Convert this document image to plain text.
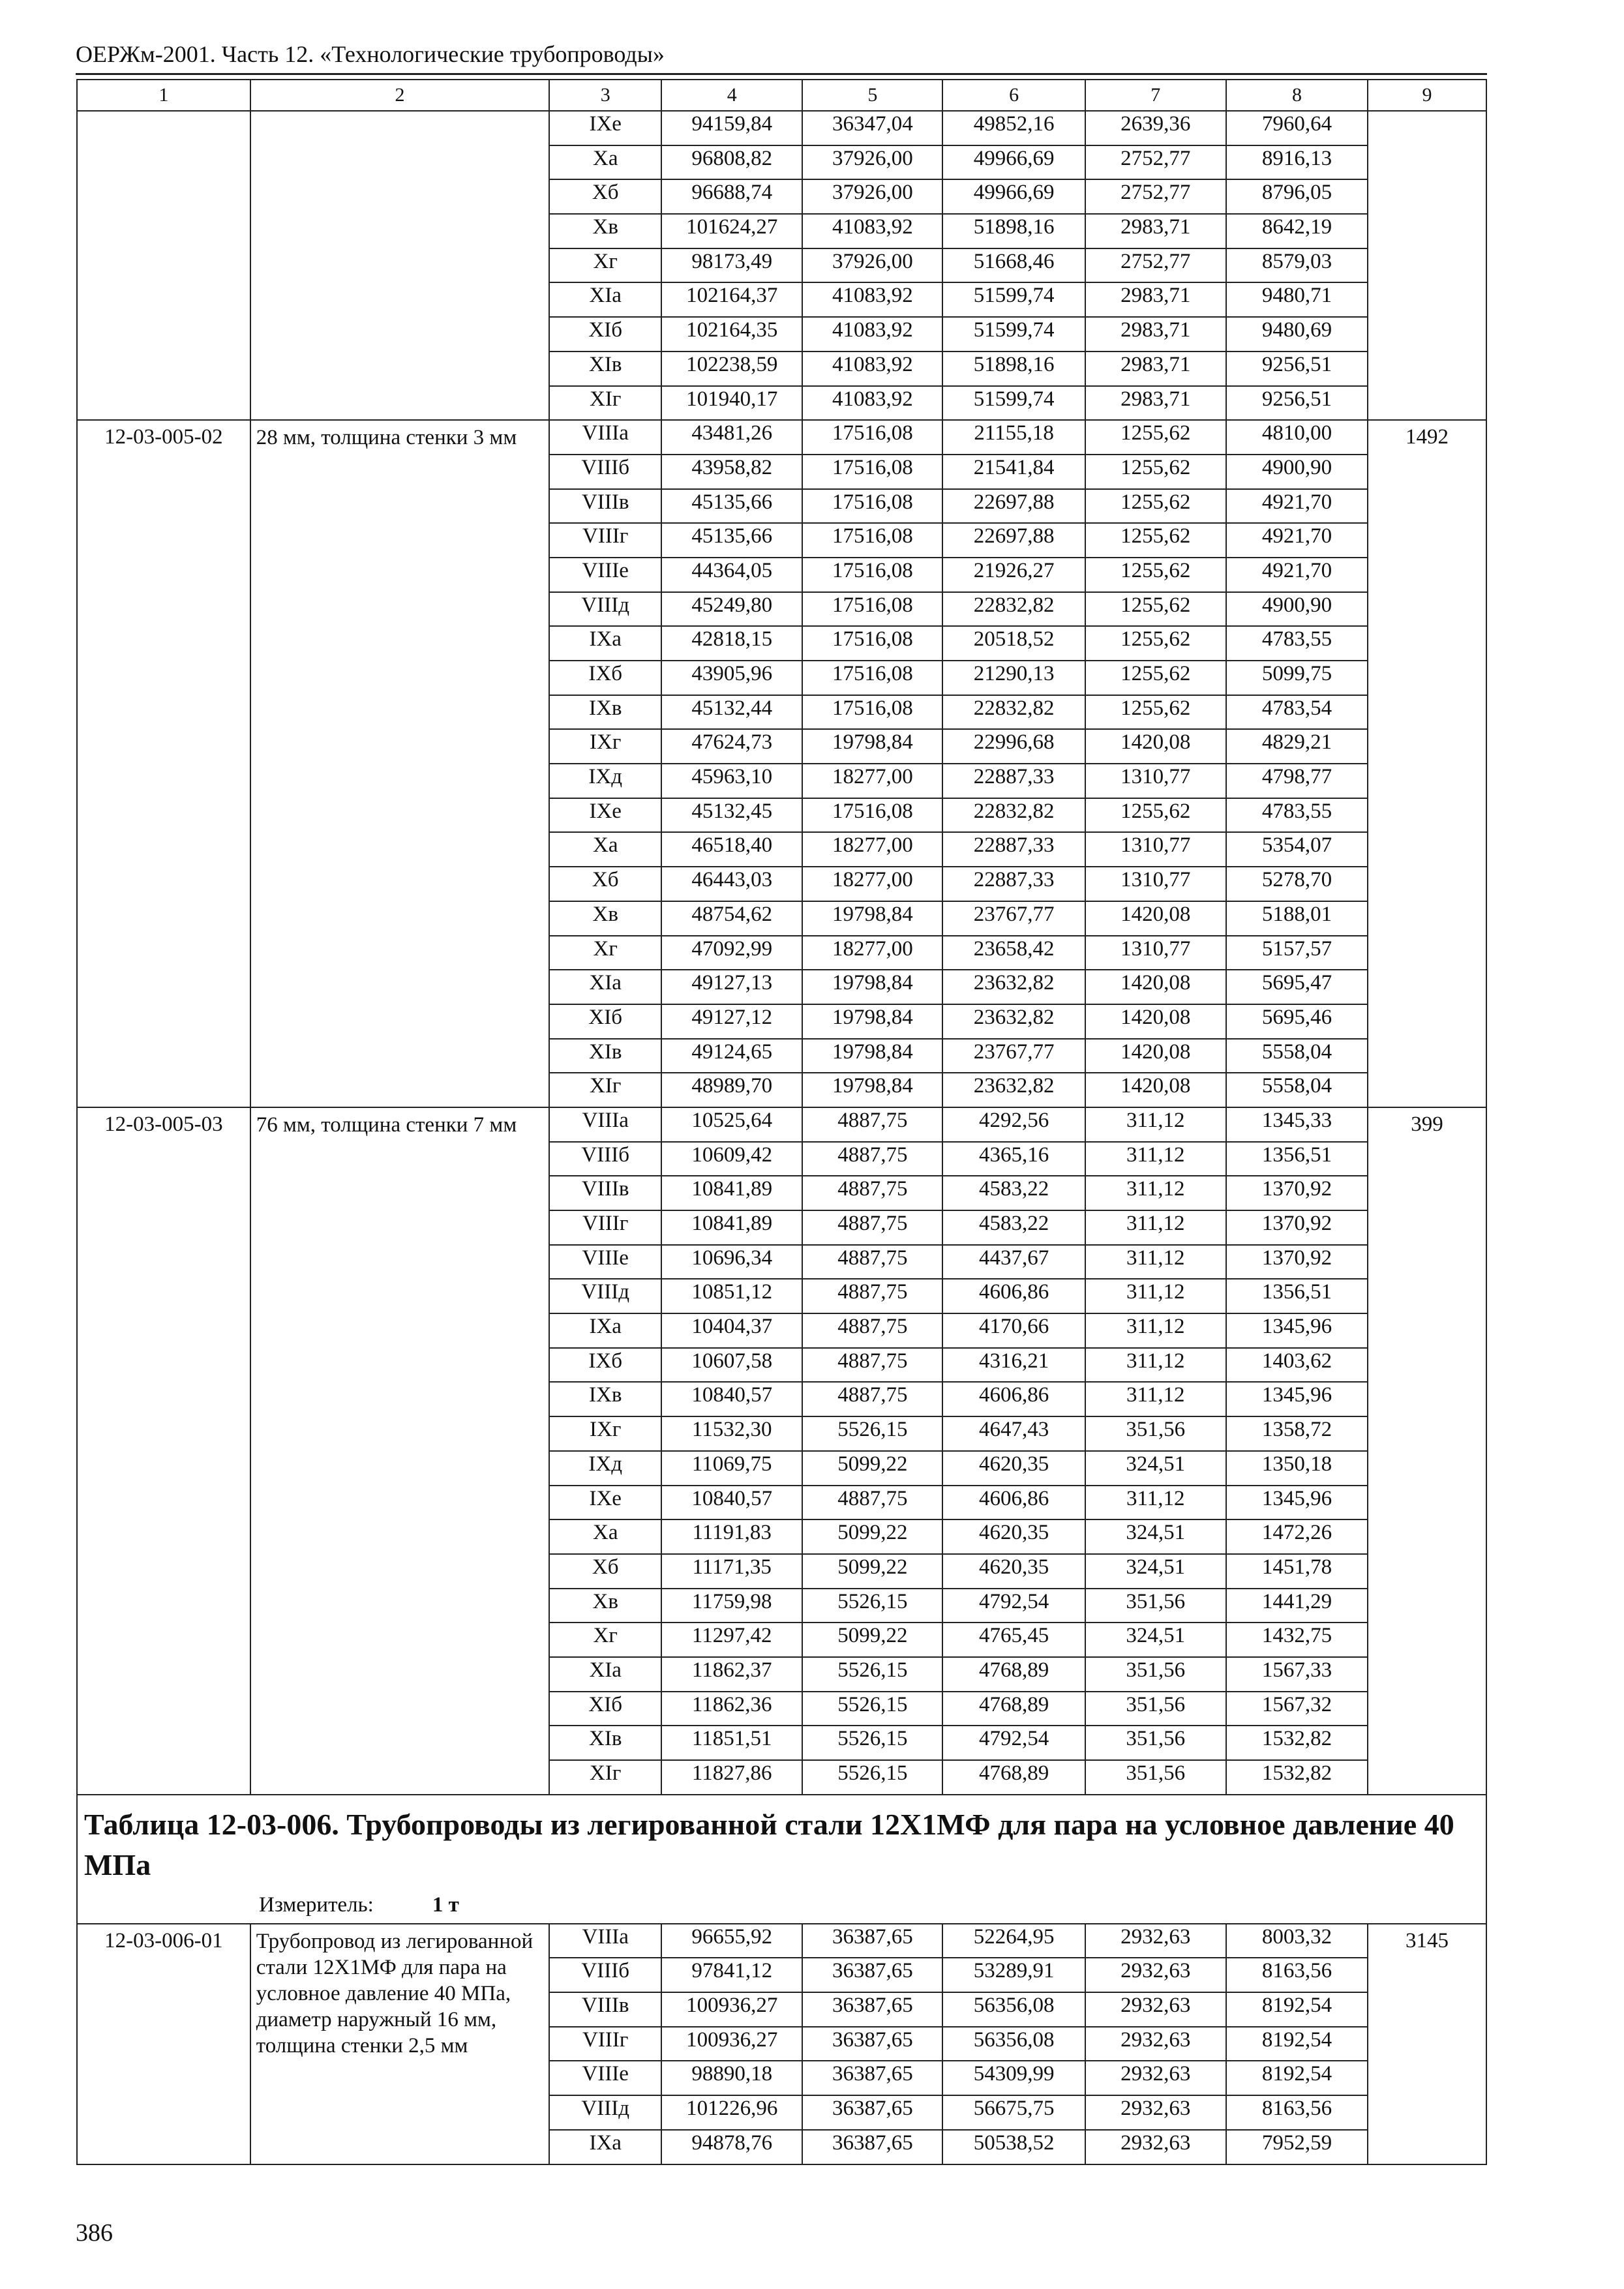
ОЕРЖм-2001. Часть 12. «Технологические трубопроводы»
1	2	3	4	5	6	7	8	9
		IXе	94159,84	36347,04	49852,16	2639,36	7960,64	
		Xа	96808,82	37926,00	49966,69	2752,77	8916,13	
		Xб	96688,74	37926,00	49966,69	2752,77	8796,05	
		Xв	101624,27	41083,92	51898,16	2983,71	8642,19	
		Xг	98173,49	37926,00	51668,46	2752,77	8579,03	
		XIа	102164,37	41083,92	51599,74	2983,71	9480,71	
		XIб	102164,35	41083,92	51599,74	2983,71	9480,69	
		XIв	102238,59	41083,92	51898,16	2983,71	9256,51	
		XIг	101940,17	41083,92	51599,74	2983,71	9256,51	
12-03-005-02	28 мм, толщина стенки 3 мм	VIIIа	43481,26	17516,08	21155,18	1255,62	4810,00	1492
		VIIIб	43958,82	17516,08	21541,84	1255,62	4900,90	
		VIIIв	45135,66	17516,08	22697,88	1255,62	4921,70	
		VIIIг	45135,66	17516,08	22697,88	1255,62	4921,70	
		VIIIе	44364,05	17516,08	21926,27	1255,62	4921,70	
		VIIIд	45249,80	17516,08	22832,82	1255,62	4900,90	
		IXа	42818,15	17516,08	20518,52	1255,62	4783,55	
		IXб	43905,96	17516,08	21290,13	1255,62	5099,75	
		IXв	45132,44	17516,08	22832,82	1255,62	4783,54	
		IXг	47624,73	19798,84	22996,68	1420,08	4829,21	
		IXд	45963,10	18277,00	22887,33	1310,77	4798,77	
		IXе	45132,45	17516,08	22832,82	1255,62	4783,55	
		Xа	46518,40	18277,00	22887,33	1310,77	5354,07	
		Xб	46443,03	18277,00	22887,33	1310,77	5278,70	
		Xв	48754,62	19798,84	23767,77	1420,08	5188,01	
		Xг	47092,99	18277,00	23658,42	1310,77	5157,57	
		XIа	49127,13	19798,84	23632,82	1420,08	5695,47	
		XIб	49127,12	19798,84	23632,82	1420,08	5695,46	
		XIв	49124,65	19798,84	23767,77	1420,08	5558,04	
		XIг	48989,70	19798,84	23632,82	1420,08	5558,04	
12-03-005-03	76 мм, толщина стенки 7 мм	VIIIа	10525,64	4887,75	4292,56	311,12	1345,33	399
		VIIIб	10609,42	4887,75	4365,16	311,12	1356,51	
		VIIIв	10841,89	4887,75	4583,22	311,12	1370,92	
		VIIIг	10841,89	4887,75	4583,22	311,12	1370,92	
		VIIIе	10696,34	4887,75	4437,67	311,12	1370,92	
		VIIIд	10851,12	4887,75	4606,86	311,12	1356,51	
		IXа	10404,37	4887,75	4170,66	311,12	1345,96	
		IXб	10607,58	4887,75	4316,21	311,12	1403,62	
		IXв	10840,57	4887,75	4606,86	311,12	1345,96	
		IXг	11532,30	5526,15	4647,43	351,56	1358,72	
		IXд	11069,75	5099,22	4620,35	324,51	1350,18	
		IXе	10840,57	4887,75	4606,86	311,12	1345,96	
		Xа	11191,83	5099,22	4620,35	324,51	1472,26	
		Xб	11171,35	5099,22	4620,35	324,51	1451,78	
		Xв	11759,98	5526,15	4792,54	351,56	1441,29	
		Xг	11297,42	5099,22	4765,45	324,51	1432,75	
		XIа	11862,37	5526,15	4768,89	351,56	1567,33	
		XIб	11862,36	5526,15	4768,89	351,56	1567,32	
		XIв	11851,51	5526,15	4792,54	351,56	1532,82	
		XIг	11827,86	5526,15	4768,89	351,56	1532,82	

Таблица 12-03-006. Трубопроводы из легированной стали 12Х1МФ для пара на условное давление 40 МПа
Измеритель: 1 т								

12-03-006-01	Трубопровод из легированной стали 12Х1МФ для пара на условное давление 40 МПа, диаметр наружный 16 мм, толщина стенки 2,5 мм	VIIIа	96655,92	36387,65	52264,95	2932,63	8003,32	3145
		VIIIб	97841,12	36387,65	53289,91	2932,63	8163,56	
		VIIIв	100936,27	36387,65	56356,08	2932,63	8192,54	
		VIIIг	100936,27	36387,65	56356,08	2932,63	8192,54	
		VIIIе	98890,18	36387,65	54309,99	2932,63	8192,54	
		VIIIд	101226,96	36387,65	56675,75	2932,63	8163,56	
		IXа	94878,76	36387,65	50538,52	2932,63	7952,59	
386
